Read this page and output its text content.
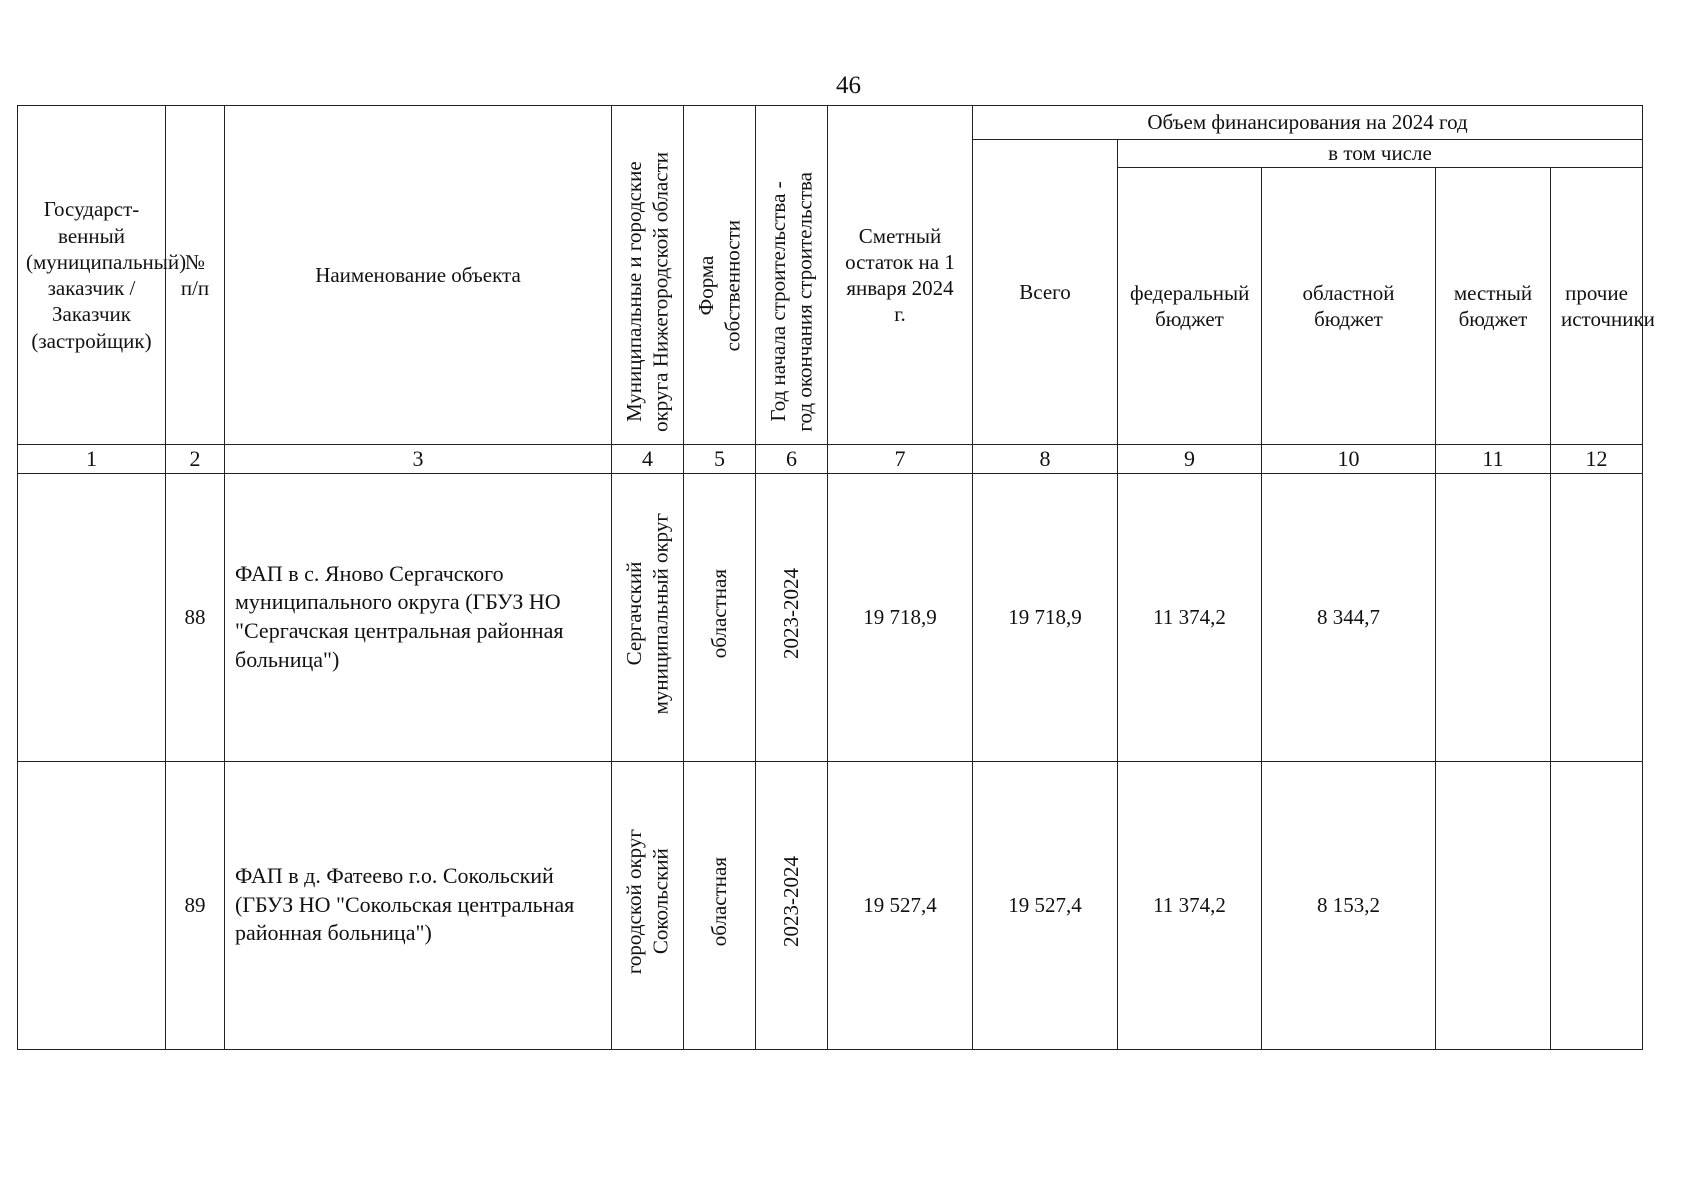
46
Государст-венный (муниципальный) заказчик / Заказчик (застройщик)	№ п/п	Наименование объекта	Муниципальные и городские округа Нижегородской области	Форма собственности	Год начала строительства - год окончания строительства	Сметный остаток на 1 января 2024 г.	Объем финансирования на 2024 год				
							Всего	в том числе			
								федеральный бюджет	областной бюджет	местный бюджет	прочие источники
1	2	3	4	5	6	7	8	9	10	11	12
	88	ФАП в с. Яново Сергачского муниципального округа (ГБУЗ НО "Сергачская центральная районная больница")	Сергачский муниципальный округ	областная	2023-2024	19 718,9	19 718,9	11 374,2	8 344,7		
	89	ФАП в д. Фатеево г.о. Сокольский (ГБУЗ НО "Сокольская центральная районная больница")	городской округ Сокольский	областная	2023-2024	19 527,4	19 527,4	11 374,2	8 153,2		
